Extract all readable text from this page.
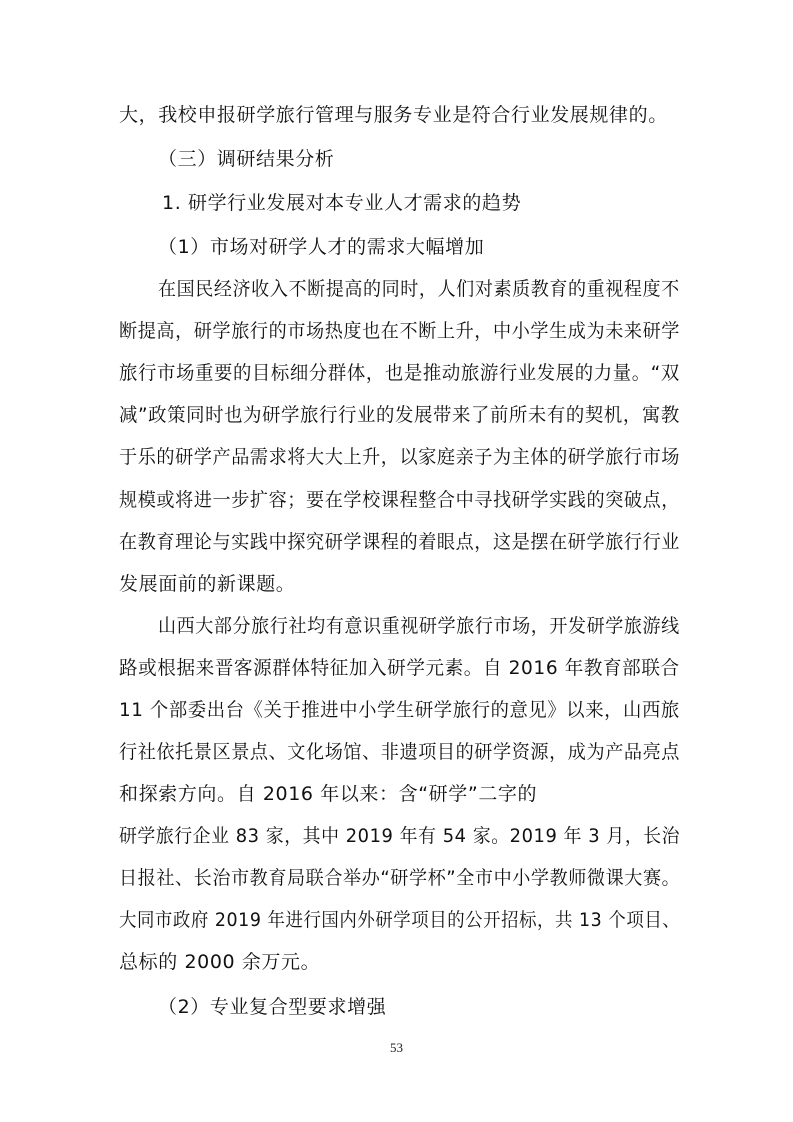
大，我校申报研学旅行管理与服务专业是符合行业发展规律的。
（三）调研结果分析
1. 研学行业发展对本专业人才需求的趋势
（1）市场对研学人才的需求大幅增加
在国民经济收入不断提高的同时，人们对素质教育的重视程度不
断提高，研学旅行的市场热度也在不断上升，中小学生成为未来研学
旅行市场重要的目标细分群体，也是推动旅游行业发展的力量。“双
减”政策同时也为研学旅行行业的发展带来了前所未有的契机，寓教
于乐的研学产品需求将大大上升，以家庭亲子为主体的研学旅行市场
规模或将进一步扩容；要在学校课程整合中寻找研学实践的突破点，
在教育理论与实践中探究研学课程的着眼点，这是摆在研学旅行行业
发展面前的新课题。
山西大部分旅行社均有意识重视研学旅行市场，开发研学旅游线
路或根据来晋客源群体特征加入研学元素。自 2016 年教育部联合
11 个部委出台《关于推进中小学生研学旅行的意见》以来，山西旅
行社依托景区景点、文化场馆、非遗项目的研学资源，成为产品亮点
和探索方向。自 2016 年以来：含“研学”二字的
研学旅行企业 83 家，其中 2019 年有 54 家。2019 年 3 月，长治
日报社、长治市教育局联合举办“研学杯”全市中小学教师微课大赛。
大同市政府 2019 年进行国内外研学项目的公开招标，共 13 个项目、
总标的 2000 余万元。
（2）专业复合型要求增强
53
